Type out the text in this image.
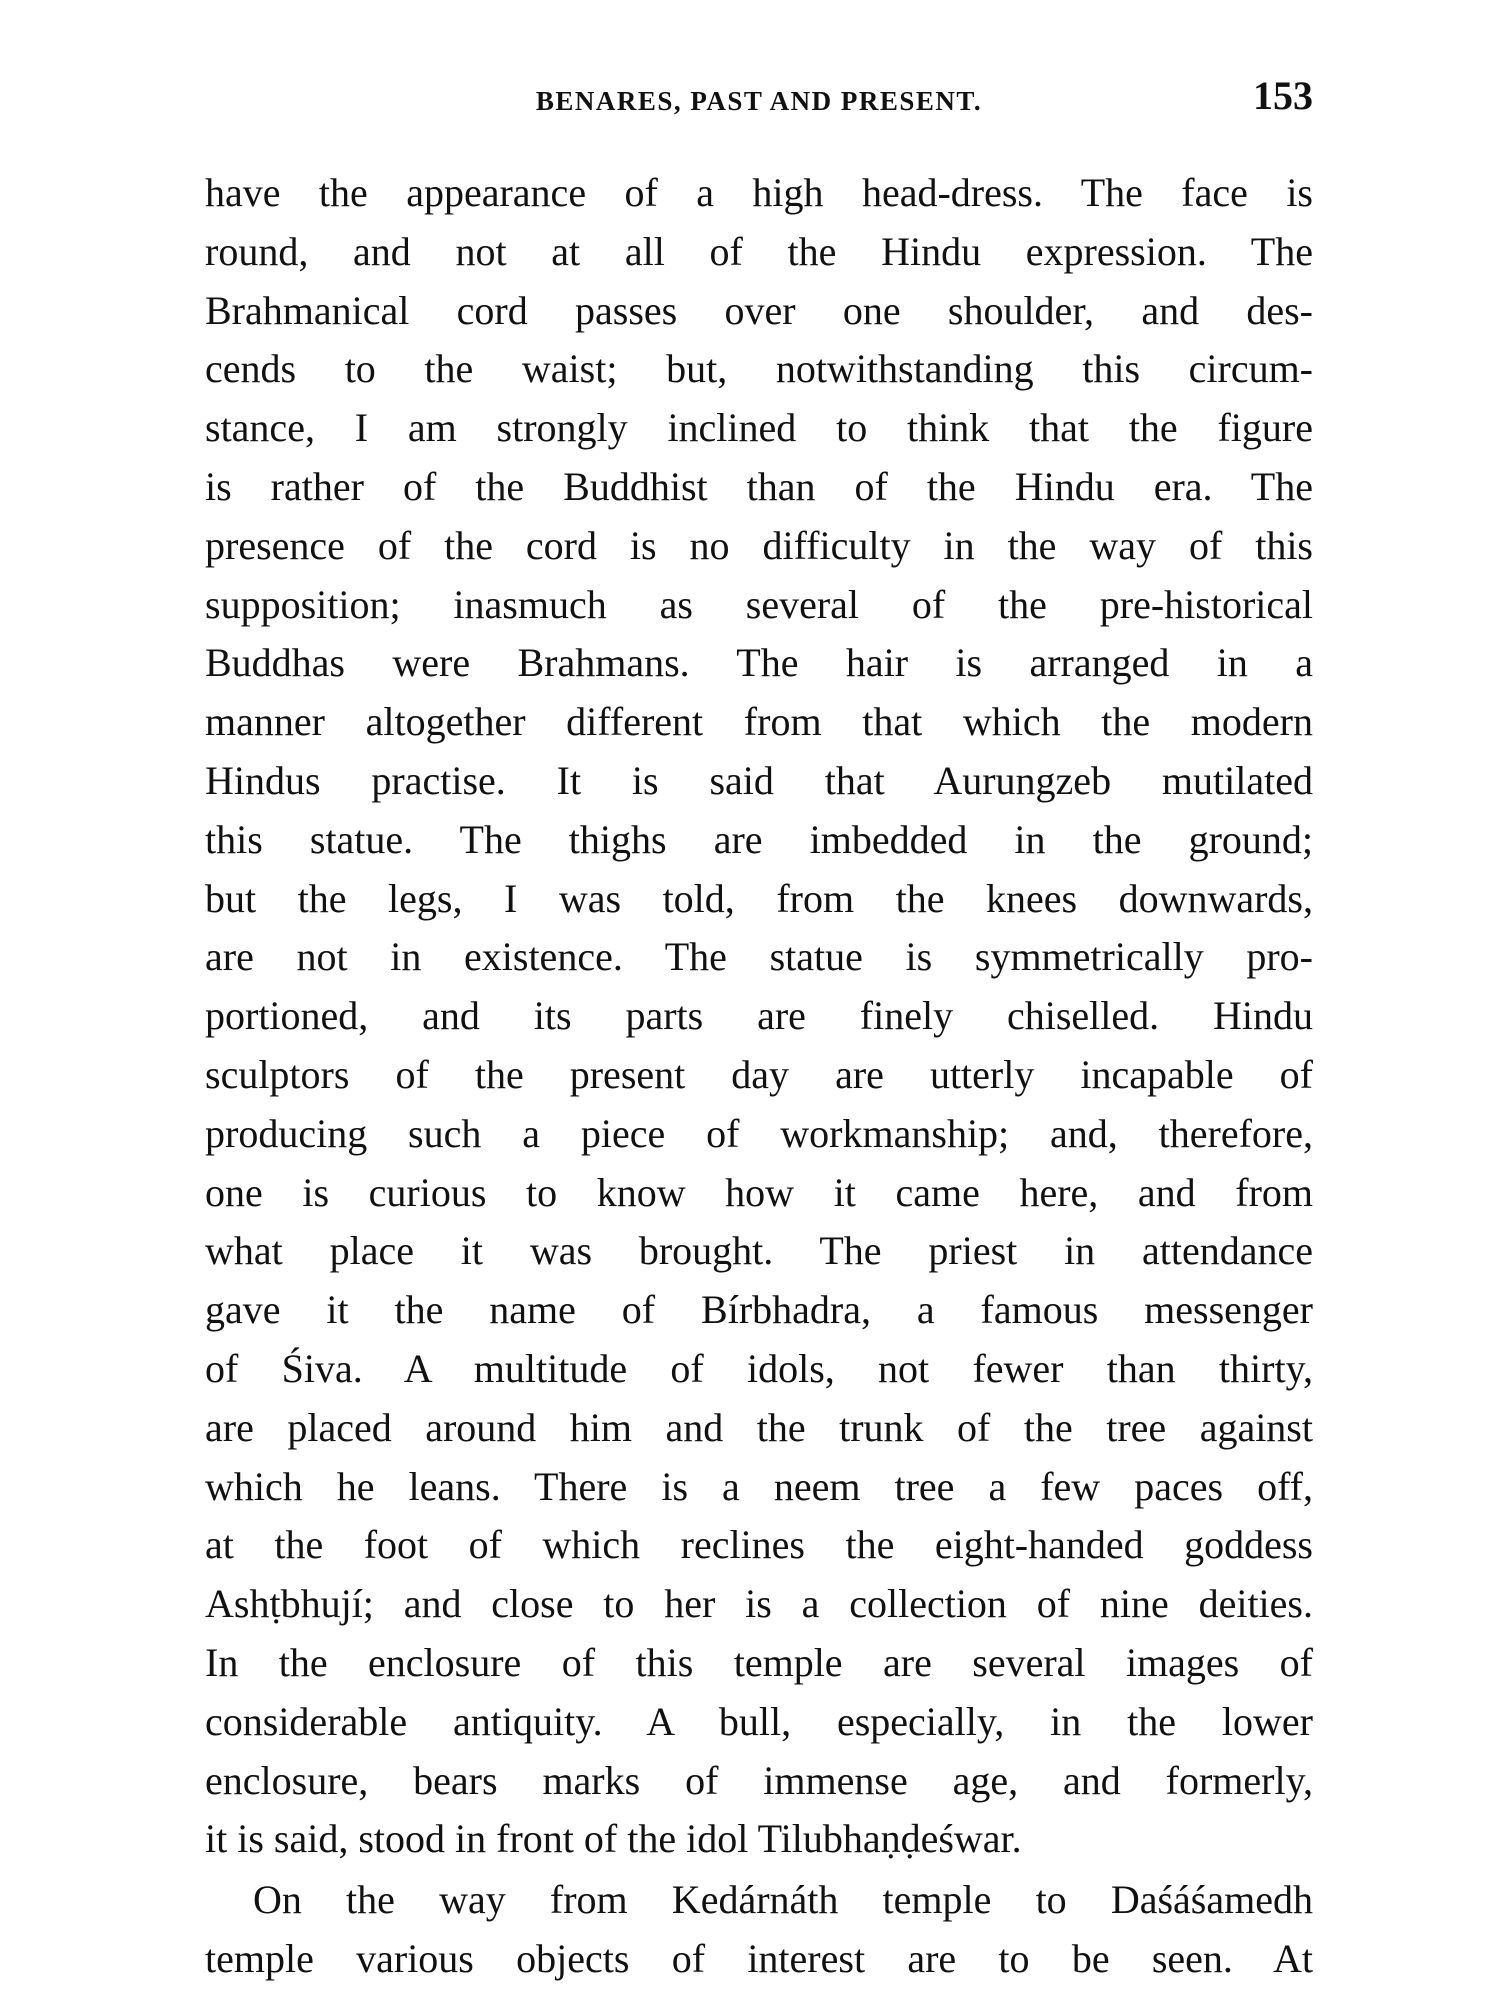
BENARES, PAST AND PRESENT.	153
have the appearance of a high head-dress. The face is
round, and not at all of the Hindu expression. The
Brahmanical cord passes over one shoulder, and des-
cends to the waist; but, notwithstanding this circum-
stance, I am strongly inclined to think that the figure
is rather of the Buddhist than of the Hindu era. The
presence of the cord is no difficulty in the way of this
supposition; inasmuch as several of the pre-historical
Buddhas were Brahmans. The hair is arranged in a
manner altogether different from that which the modern
Hindus practise. It is said that Aurungzeb mutilated
this statue. The thighs are imbedded in the ground;
but the legs, I was told, from the knees downwards,
are not in existence. The statue is symmetrically pro-
portioned, and its parts are finely chiselled. Hindu
sculptors of the present day are utterly incapable of
producing such a piece of workmanship; and, therefore,
one is curious to know how it came here, and from
what place it was brought. The priest in attendance
gave it the name of Bírbhadra, a famous messenger
of Śiva. A multitude of idols, not fewer than thirty,
are placed around him and the trunk of the tree against
which he leans. There is a neem tree a few paces off,
at the foot of which reclines the eight-handed goddess
Ashṭbhují; and close to her is a collection of nine deities.
In the enclosure of this temple are several images of
considerable antiquity. A bull, especially, in the lower
enclosure, bears marks of immense age, and formerly,
it is said, stood in front of the idol Tilubhaṇḍeśwar.
On the way from Kedárnáth temple to Daśáśamedh
temple various objects of interest are to be seen. At
